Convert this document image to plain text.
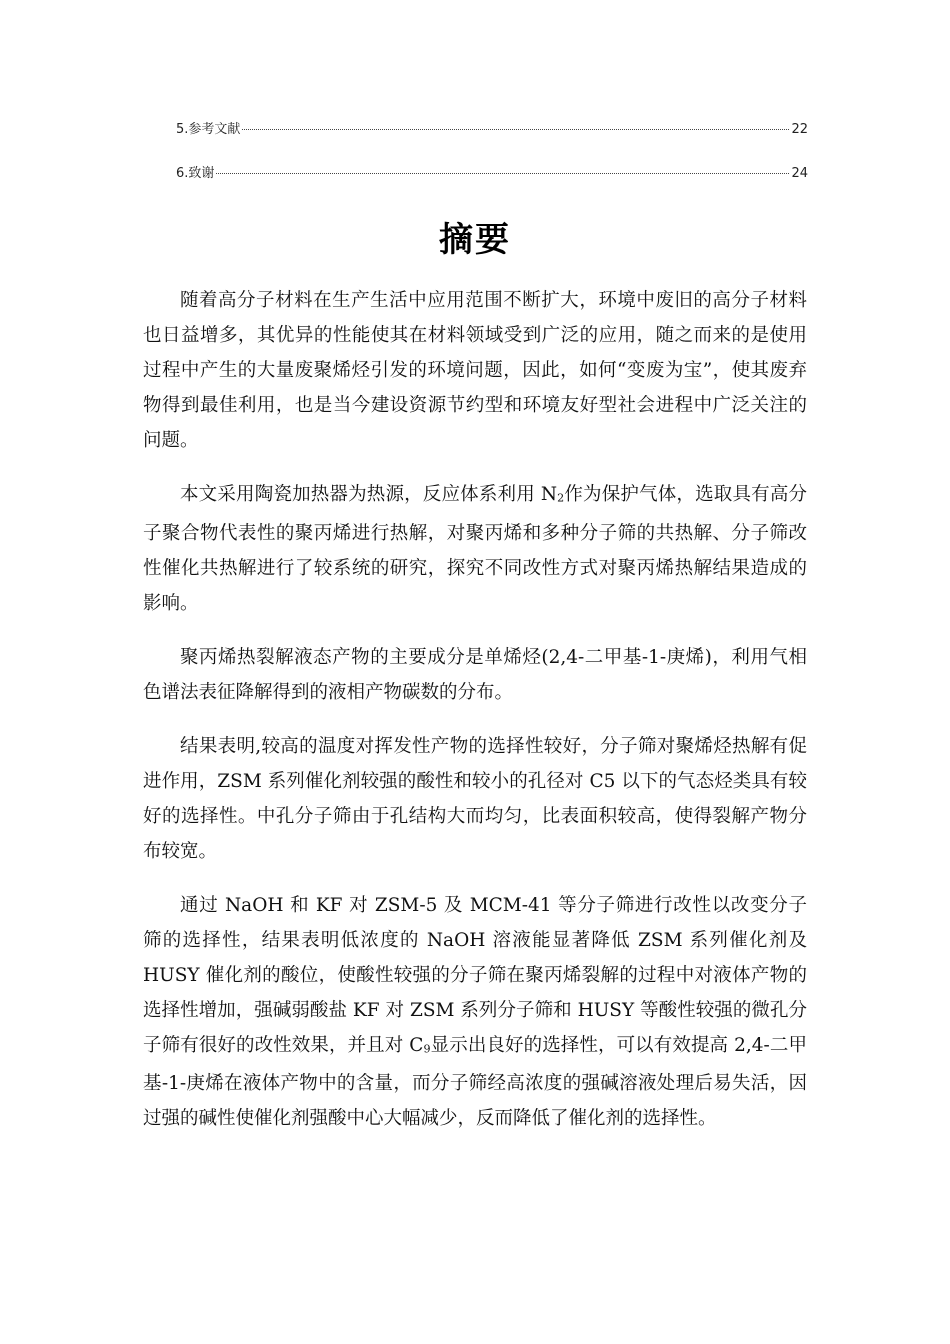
5.参考文献	22
6.致谢	24
摘要

随着高分子材料在生产生活中应用范围不断扩大，环境中废旧的高分子材料也日益增多，其优异的性能使其在材料领域受到广泛的应用，随之而来的是使用过程中产生的大量废聚烯烃引发的环境问题，因此，如何“变废为宝”，使其废弃物得到最佳利用，也是当今建设资源节约型和环境友好型社会进程中广泛关注的问题。

本文采用陶瓷加热器为热源，反应体系利用 $N_2$作为保护气体，选取具有高分子聚合物代表性的聚丙烯进行热解，对聚丙烯和多种分子筛的共热解、分子筛改性催化共热解进行了较系统的研究，探究不同改性方式对聚丙烯热解结果造成的影响。

聚丙烯热裂解液态产物的主要成分是单烯烃(2,4-二甲基-1-庚烯)，利用气相色谱法表征降解得到的液相产物碳数的分布。

结果表明,较高的温度对挥发性产物的选择性较好，分子筛对聚烯烃热解有促进作用，ZSM 系列催化剂较强的酸性和较小的孔径对 C5 以下的气态烃类具有较好的选择性。中孔分子筛由于孔结构大而均匀，比表面积较高，使得裂解产物分布较宽。

通过 NaOH 和 KF 对 ZSM-5 及 MCM-41 等分子筛进行改性以改变分子筛的选择性，结果表明低浓度的 NaOH 溶液能显著降低 ZSM 系列催化剂及 HUSY 催化剂的酸位，使酸性较强的分子筛在聚丙烯裂解的过程中对液体产物的选择性增加，强碱弱酸盐 KF 对 ZSM 系列分子筛和 HUSY 等酸性较强的微孔分子筛有很好的改性效果，并且对 $C_9$显示出良好的选择性，可以有效提高 2,4-二甲基-1-庚烯在液体产物中的含量，而分子筛经高浓度的强碱溶液处理后易失活，因过强的碱性使催化剂强酸中心大幅减少，反而降低了催化剂的选择性。
